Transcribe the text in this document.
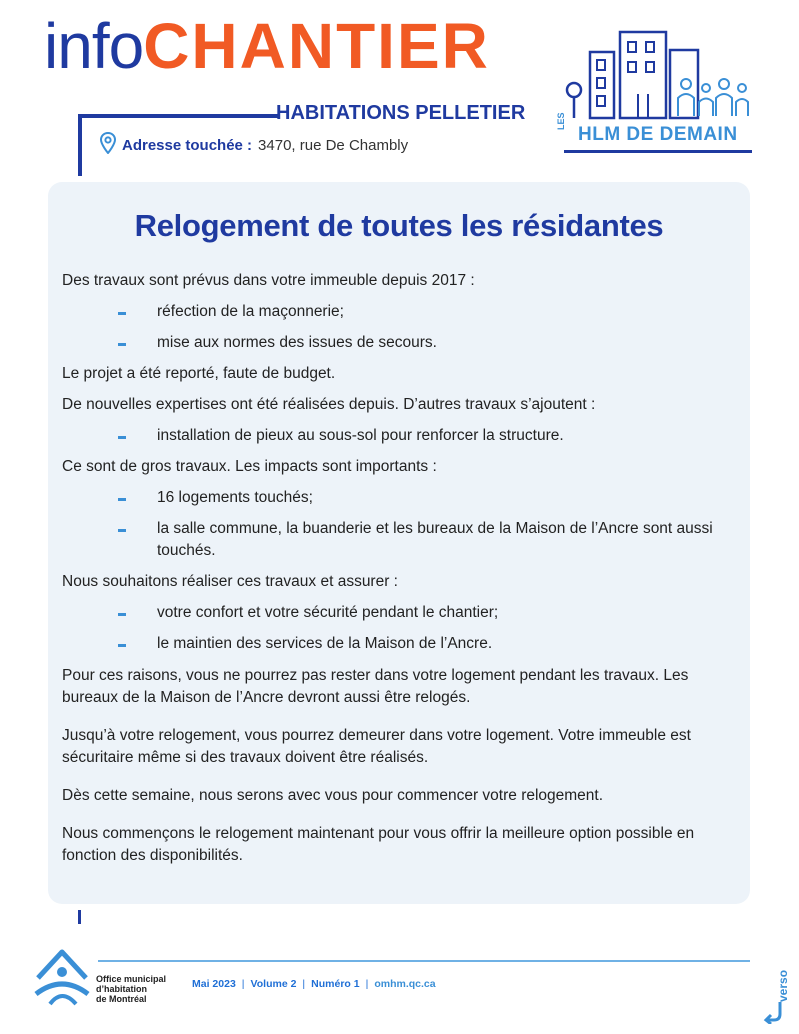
infoCHANTIER
HABITATIONS PELLETIER
Adresse touchée : 3470, rue De Chambly
LES
HLM DE DEMAIN
Relogement de toutes les résidantes

Des travaux sont prévus dans votre immeuble depuis 2017 :

réfection de la maçonnerie;
mise aux normes des issues de secours.

Le projet a été reporté, faute de budget.

De nouvelles expertises ont été réalisées depuis. D’autres travaux s’ajoutent :

installation de pieux au sous-sol pour renforcer la structure.

Ce sont de gros travaux. Les impacts sont importants :

16 logements touchés;
la salle commune, la buanderie et les bureaux de la Maison de l’Ancre sont aussi touchés.

Nous souhaitons réaliser ces travaux et assurer :

votre confort et votre sécurité pendant le chantier;
le maintien des services de la Maison de l’Ancre.

Pour ces raisons, vous ne pourrez pas rester dans votre logement pendant les travaux. Les bureaux de la Maison de l’Ancre devront aussi être relogés.

Jusqu’à votre relogement, vous pourrez demeurer dans votre logement. Votre immeuble est sécuritaire même si des travaux doivent être réalisés.

Dès cette semaine, nous serons avec vous pour commencer votre relogement.

Nous commençons le relogement maintenant pour vous offrir la meilleure option possible en fonction des disponibilités.

Office municipal
d’habitation
de Montréal
Mai 2023 | Volume 2 | Numéro 1 | omhm.qc.ca	verso
